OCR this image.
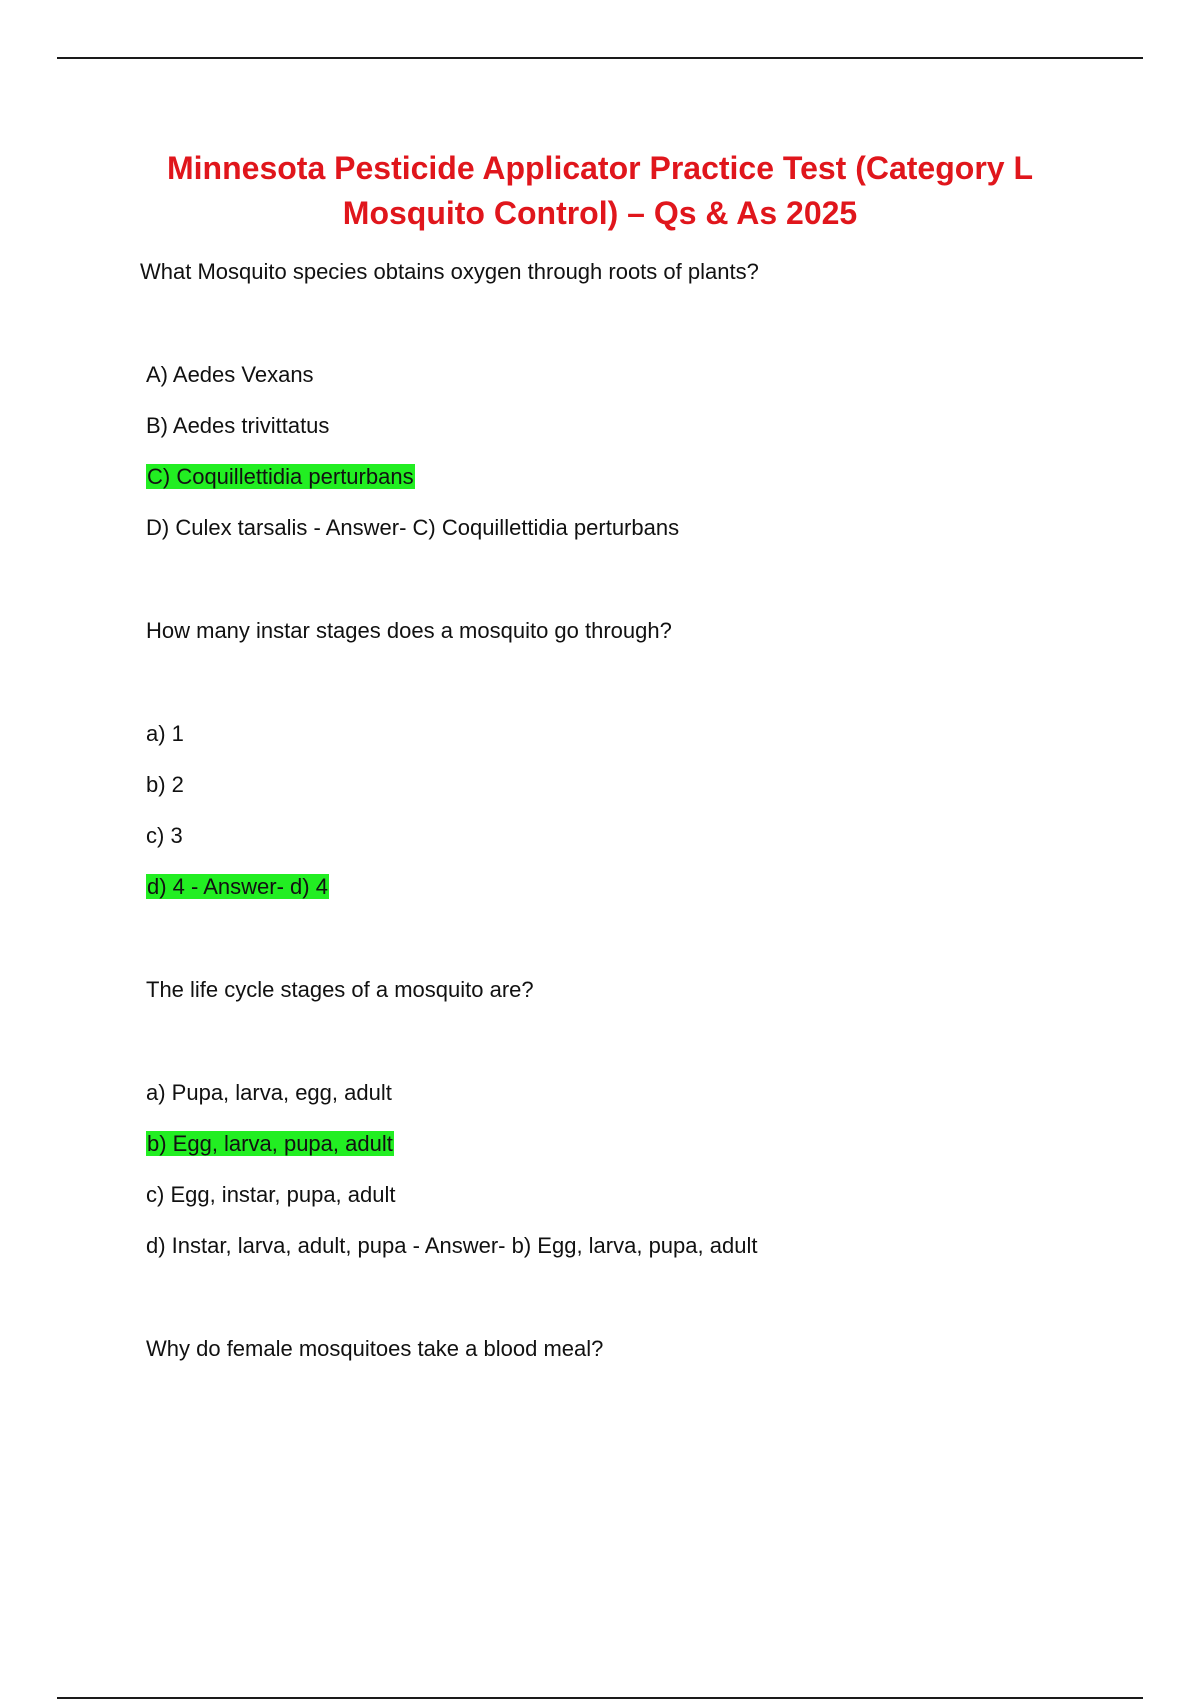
Minnesota Pesticide Applicator Practice Test (Category L Mosquito Control) – Qs & As 2025

What Mosquito species obtains oxygen through roots of plants?

A) Aedes Vexans

B) Aedes trivittatus

C) Coquillettidia perturbans

D) Culex tarsalis - Answer- C) Coquillettidia perturbans

How many instar stages does a mosquito go through?

a) 1

b) 2

c) 3

d) 4 - Answer- d) 4

The life cycle stages of a mosquito are?

a) Pupa, larva, egg, adult

b) Egg, larva, pupa, adult

c) Egg, instar, pupa, adult

d) Instar, larva, adult, pupa - Answer- b) Egg, larva, pupa, adult

Why do female mosquitoes take a blood meal?
